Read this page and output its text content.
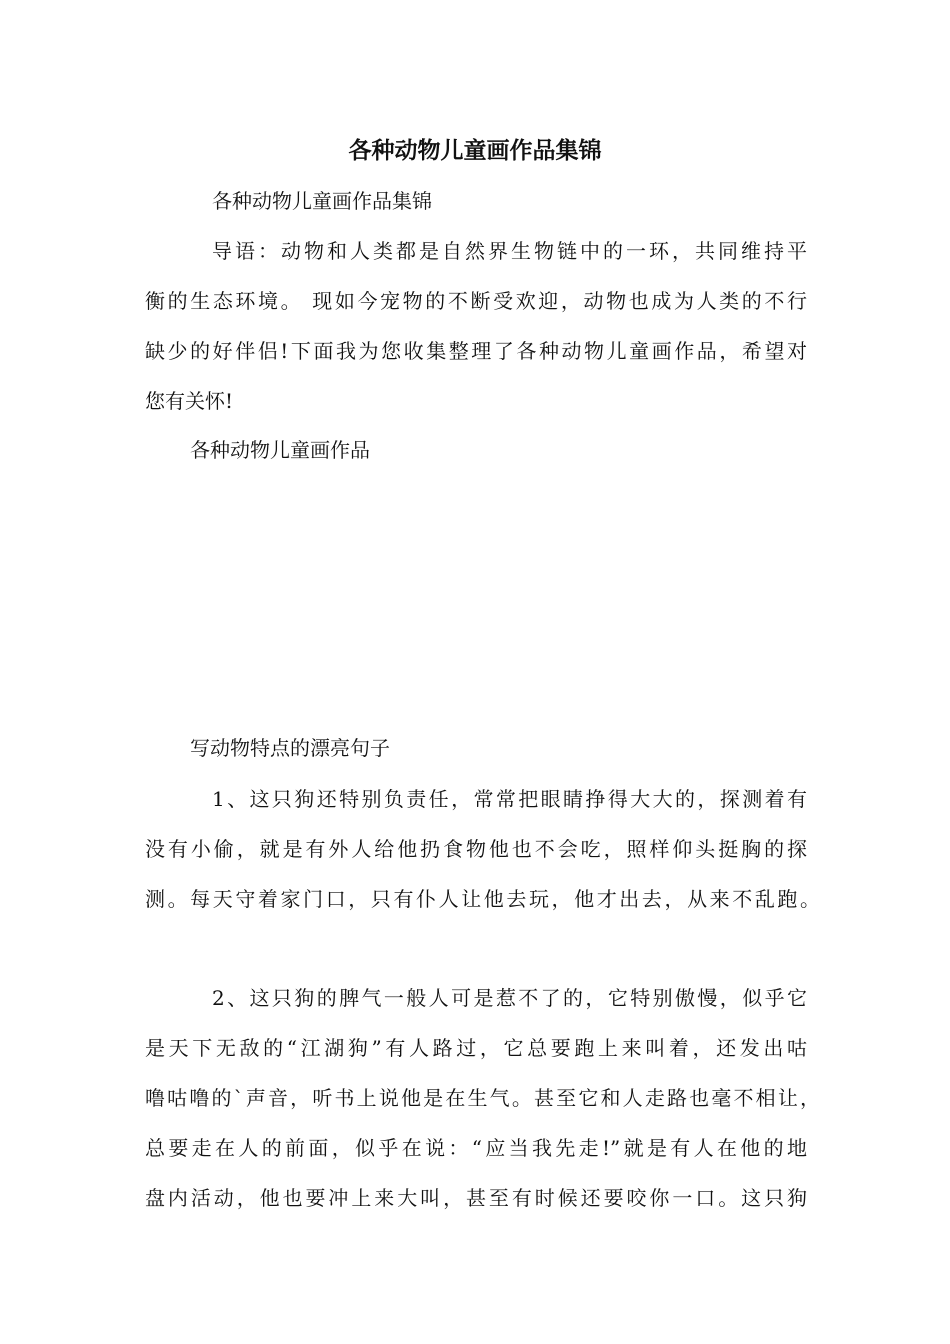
各种动物儿童画作品集锦

各种动物儿童画作品集锦

导语：动物和人类都是自然界生物链中的一环，共同维持平

衡的生态环境。 现如今宠物的不断受欢迎，动物也成为人类的不行

缺少的好伴侣!下面我为您收集整理了各种动物儿童画作品，希望对

您有关怀!

各种动物儿童画作品

写动物特点的漂亮句子

1、这只狗还特别负责任，常常把眼睛挣得大大的，探测着有

没有小偷，就是有外人给他扔食物他也不会吃，照样仰头挺胸的探

测。每天守着家门口，只有仆人让他去玩，他才出去，从来不乱跑。

2、这只狗的脾气一般人可是惹不了的，它特别傲慢，似乎它

是天下无敌的“江湖狗”有人路过，它总要跑上来叫着，还发出咕

噜咕噜的`声音，听书上说他是在生气。甚至它和人走路也毫不相让，

总要走在人的前面，似乎在说：“应当我先走!”就是有人在他的地

盘内活动，他也要冲上来大叫，甚至有时候还要咬你一口。这只狗
